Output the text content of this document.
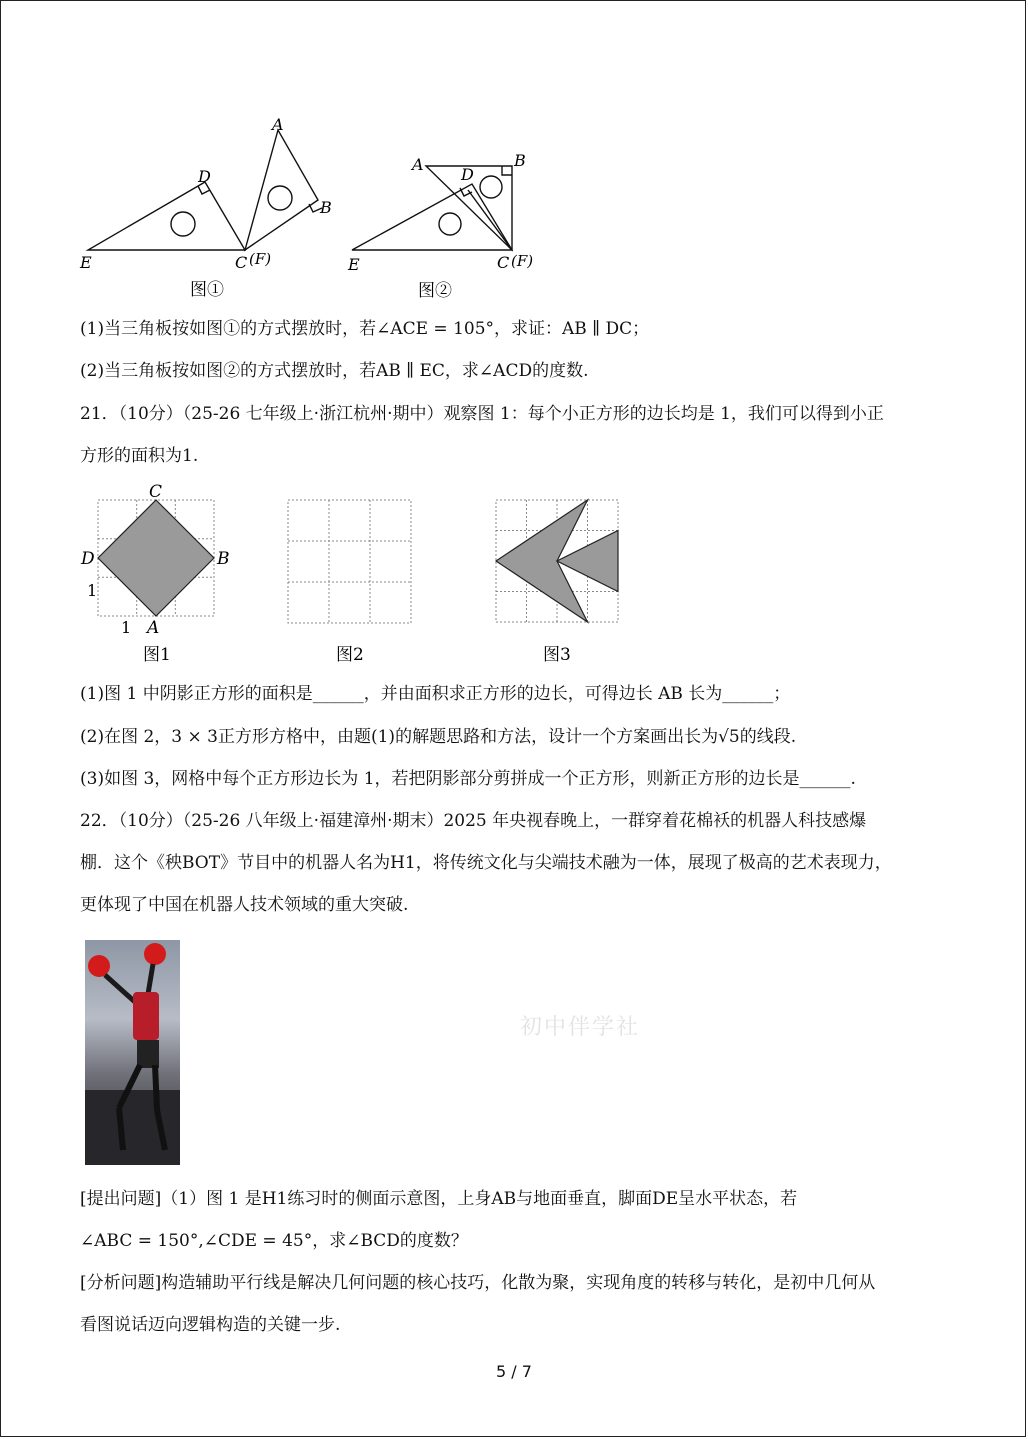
A
B
D
E	C (F)
图①
A	B
D
E	C (F)
图②
(1)当三角板按如图①的方式摆放时，若∠ACE = 105°，求证：AB ∥ DC；
(2)当三角板按如图②的方式摆放时，若AB ∥ EC，求∠ACD的度数.
21．（10分）（25-26 七年级上·浙江杭州·期中）观察图 1：每个小正方形的边长均是 1，我们可以得到小正
方形的面积为1.
C
D	B
A
1
1
图1	图2	图3
(1)图 1 中阴影正方形的面积是______，并由面积求正方形的边长，可得边长 AB 长为______；
(2)在图 2，3 × 3正方形方格中，由题(1)的解题思路和方法，设计一个方案画出长为√5的线段.
(3)如图 3，网格中每个正方形边长为 1，若把阴影部分剪拼成一个正方形，则新正方形的边长是______.
22．（10分）（25-26 八年级上·福建漳州·期末）2025 年央视春晚上，一群穿着花棉袄的机器人科技感爆
棚．这个《秧BOT》节目中的机器人名为H1，将传统文化与尖端技术融为一体，展现了极高的艺术表现力，
更体现了中国在机器人技术领域的重大突破.
初中伴学社
[提出问题]（1）图 1 是H1练习时的侧面示意图，上身AB与地面垂直，脚面DE呈水平状态，若
∠ABC = 150°,∠CDE = 45°，求∠BCD的度数？
[分析问题]构造辅助平行线是解决几何问题的核心技巧，化散为聚，实现角度的转移与转化，是初中几何从
看图说话迈向逻辑构造的关键一步.
5 / 7
